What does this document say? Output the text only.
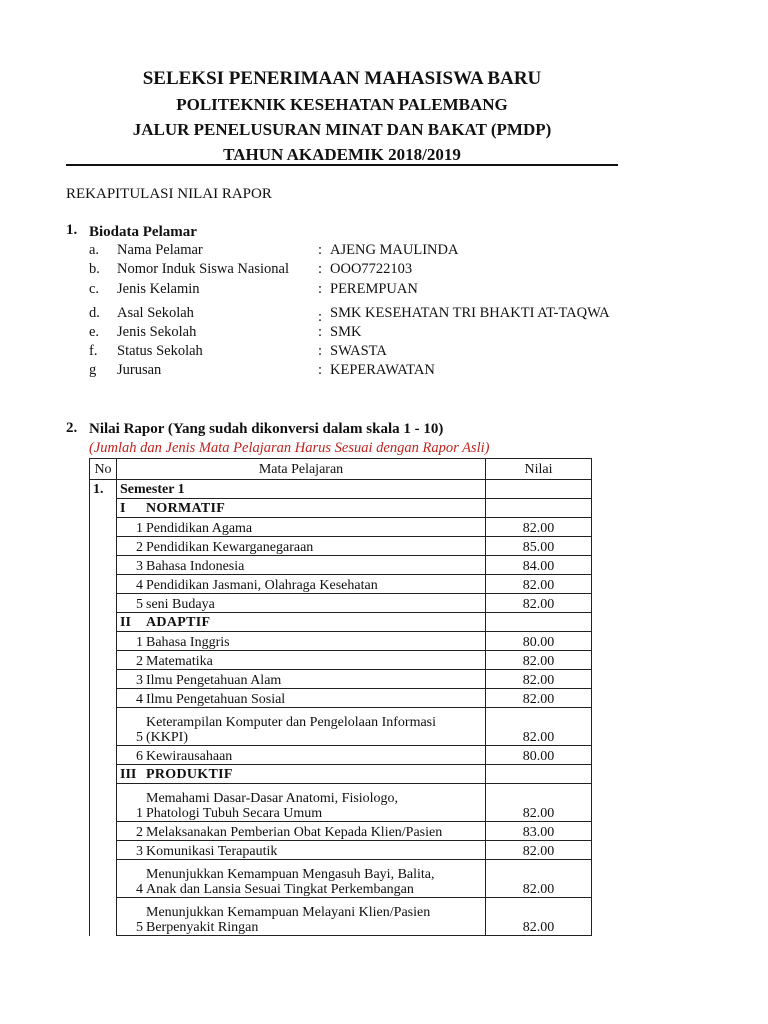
SELEKSI PENERIMAAN MAHASISWA BARU
POLITEKNIK KESEHATAN PALEMBANG
JALUR PENELUSURAN MINAT DAN BAKAT (PMDP)
TAHUN AKADEMIK 2018/2019
REKAPITULASI NILAI RAPOR
1. Biodata Pelamar
a. Nama Pelamar	: AJENG MAULINDA
b. Nomor Induk Siswa Nasional : OOO7722103
c. Jenis Kelamin	: PEREMPUAN
d. Asal Sekolah	: SMK KESEHATAN TRI BHAKTI AT-TAQWA
e. Jenis Sekolah	: SMK
f. Status Sekolah	: SWASTA
g Jurusan	: KEPERAWATAN
2. Nilai Rapor (Yang sudah dikonversi dalam skala 1 - 10)
(Jumlah dan Jenis Mata Pelajaran Harus Sesuai dengan Rapor Asli)
No	Mata Pelajaran	Nilai
1.	Semester 1	
	I NORMATIF	
	1 Pendidikan Agama	82.00
	2 Pendidikan Kewarganegaraan	85.00
	3 Bahasa Indonesia	84.00
	4 Pendidikan Jasmani, Olahraga Kesehatan	82.00
	5 seni Budaya	82.00
	II ADAPTIF	
	1 Bahasa Inggris	80.00
	2 Matematika	82.00
	3 Ilmu Pengetahuan Alam	82.00
	4 Ilmu Pengetahuan Sosial	82.00

	Keterampilan Komputer dan Pengelolaan Informasi
5 (KKPI)	82.00
	6 Kewirausahaan	80.00
	III PRODUKTIF	

	Memahami Dasar-Dasar Anatomi, Fisiologo,
1 Phatologi Tubuh Secara Umum	82.00
	2 Melaksanakan Pemberian Obat Kepada Klien/Pasien	83.00
	3 Komunikasi Terapautik	82.00

	Menunjukkan Kemampuan Mengasuh Bayi, Balita,
4 Anak dan Lansia Sesuai Tingkat Perkembangan	82.00

	Menunjukkan Kemampuan Melayani Klien/Pasien
5 Berpenyakit Ringan	82.00
